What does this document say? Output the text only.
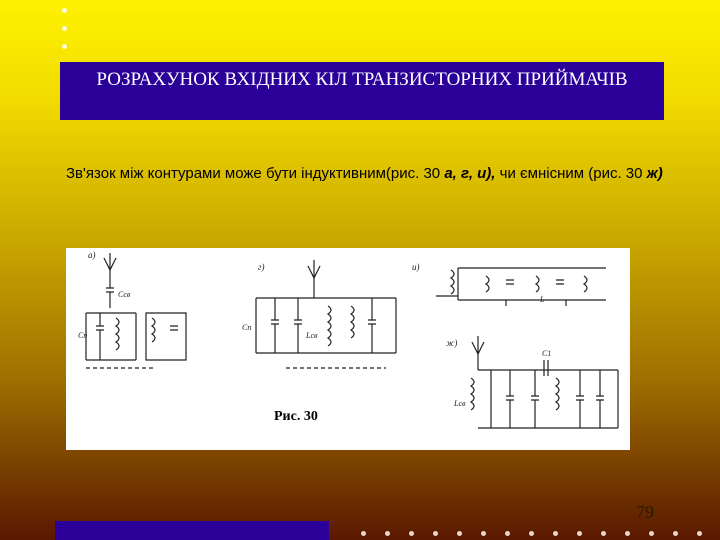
РОЗРАХУНОК ВХІДНИХ КІЛ ТРАНЗИСТОРНИХ ПРИЙМАЧІВ
Зв'язок між контурами може бути індуктивним(рис. 30 а, г, и), чи ємнісним (рис. 30 ж)
а)
Cсв
Cп
г)
Cп
Lсв
и)
L
ж)
Lсв
C1
Рис. 30
79
